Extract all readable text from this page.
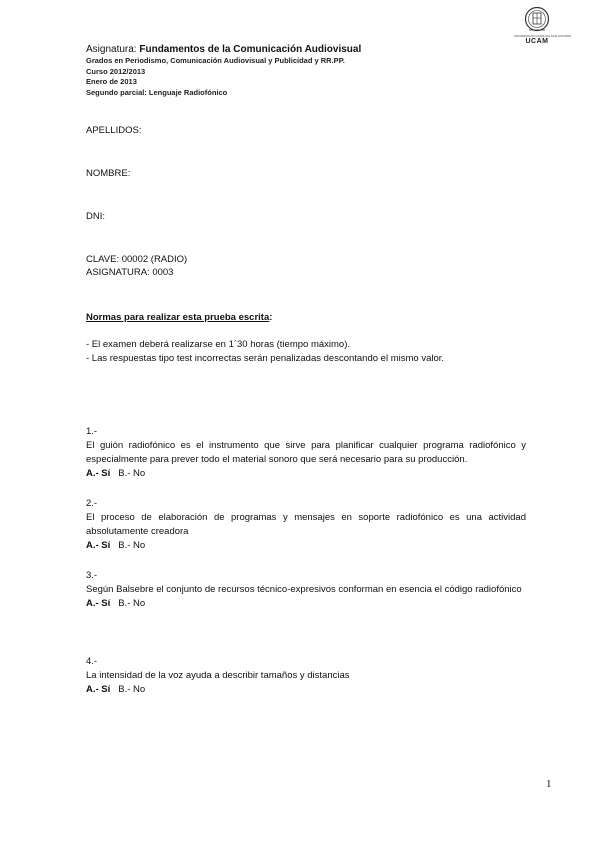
UNIVERSIDAD CATÓLICA SAN ANTONIO
UCAM
Asignatura: Fundamentos de la Comunicación Audiovisual
Grados en Periodismo, Comunicación Audiovisual y Publicidad y RR.PP.
Curso 2012/2013
Enero de 2013
Segundo parcial: Lenguaje Radiofónico
APELLIDOS:
NOMBRE:
DNI:
CLAVE: 00002 (RADIO)
ASIGNATURA: 0003
Normas para realizar esta prueba escrita:
- El examen deberá realizarse en 1´30 horas (tiempo máximo).
- Las respuestas tipo test incorrectas serán penalizadas descontando el mismo valor.
1.-
El guión radiofónico es el instrumento que sirve para planificar cualquier programa radiofónico y especialmente para prever todo el material sonoro que será necesario para su producción.
A.- Sí B.- No
2.-
El proceso de elaboración de programas y mensajes en soporte radiofónico es una actividad absolutamente creadora
A.- Sí B.- No
3.-
Según Balsebre el conjunto de recursos técnico-expresivos conforman en esencia el código radiofónico
A.- Sí B.- No
4.-
La intensidad de la voz ayuda a describir tamaños y distancias
A.- Sí B.- No
1
